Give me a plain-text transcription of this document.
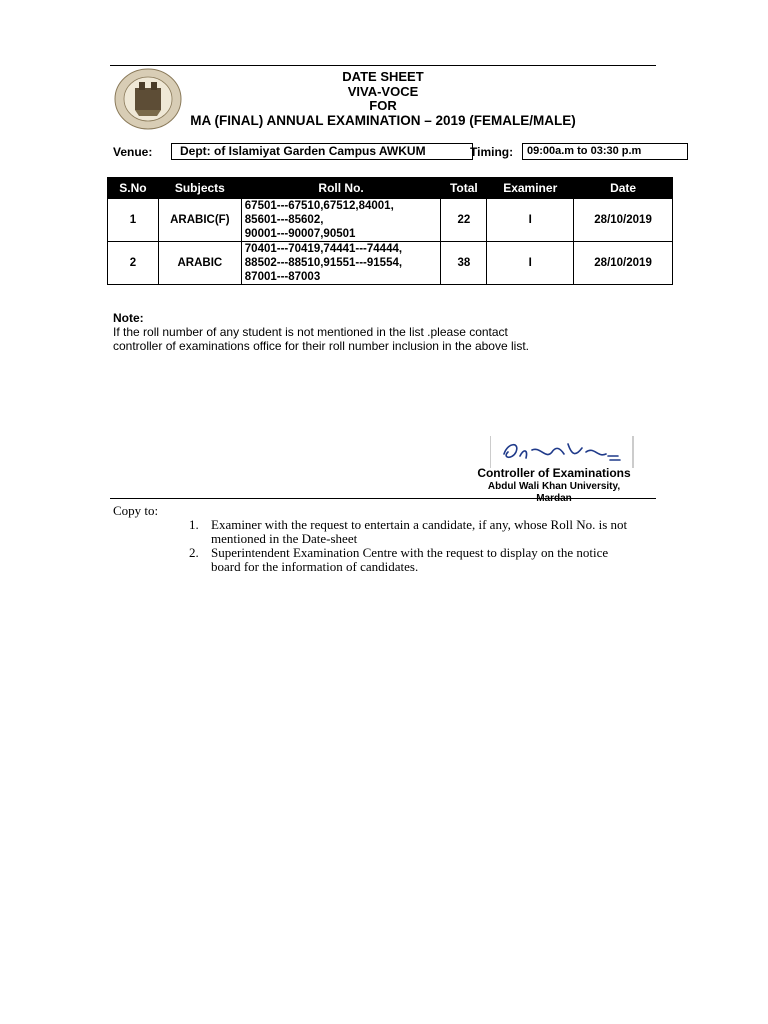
DATE SHEET
VIVA-VOCE
FOR
MA (FINAL) ANNUAL EXAMINATION – 2019 (FEMALE/MALE)
Venue:	Dept: of Islamiyat Garden Campus AWKUM	Timing:	09:00a.m to 03:30 p.m
S.No	Subjects	Roll No.	Total	Examiner	Date
1	ARABIC(F)	67501---67510,67512,84001,
85601---85602,
90001---90007,90501	22	I	28/10/2019
2	ARABIC	70401---70419,74441---74444,
88502---88510,91551---91554,
87001---87003	38	I	28/10/2019
Note:
If the roll number of any student is not mentioned in the list .please contact
controller of examinations office for their roll number inclusion in the above list.
Controller of Examinations
Abdul Wali Khan University,
Copy to:
1. Examiner with the request to entertain a candidate, if any, whose Roll No. is not mentioned in the Date-sheet
2. Superintendent Examination Centre with the request to display on the notice board for the information of candidates.
